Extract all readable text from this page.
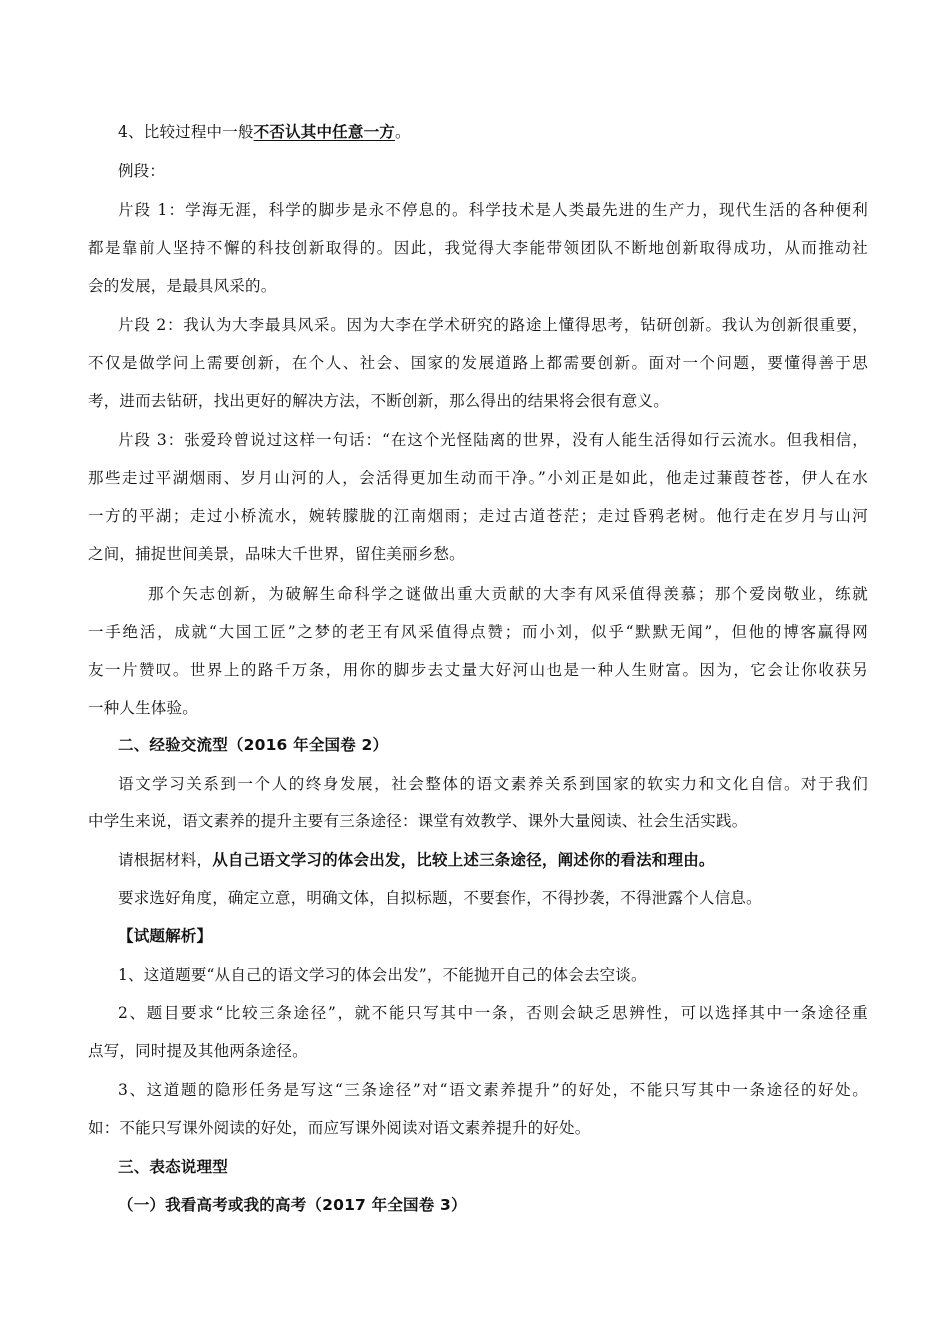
4、比较过程中一般不否认其中任意一方。
例段：
片段 1：学海无涯，科学的脚步是永不停息的。科学技术是人类最先进的生产力，现代生活的各种便利
都是靠前人坚持不懈的科技创新取得的。因此，我觉得大李能带领团队不断地创新取得成功，从而推动社
会的发展，是最具风采的。
片段 2：我认为大李最具风采。因为大李在学术研究的路途上懂得思考，钻研创新。我认为创新很重要，
不仅是做学问上需要创新，在个人、社会、国家的发展道路上都需要创新。面对一个问题，要懂得善于思
考，进而去钻研，找出更好的解决方法，不断创新，那么得出的结果将会很有意义。
片段 3：张爱玲曾说过这样一句话：“在这个光怪陆离的世界，没有人能生活得如行云流水。但我相信，
那些走过平湖烟雨、岁月山河的人，会活得更加生动而干净。”小刘正是如此，他走过蒹葭苍苍，伊人在水
一方的平湖；走过小桥流水，婉转朦胧的江南烟雨；走过古道苍茫；走过昏鸦老树。他行走在岁月与山河
之间，捕捉世间美景，品味大千世界，留住美丽乡愁。
那个矢志创新，为破解生命科学之谜做出重大贡献的大李有风采值得羡慕；那个爱岗敬业，练就
一手绝活，成就“大国工匠”之梦的老王有风采值得点赞；而小刘，似乎“默默无闻”，但他的博客赢得网
友一片赞叹。世界上的路千万条，用你的脚步去丈量大好河山也是一种人生财富。因为，它会让你收获另
一种人生体验。
二、经验交流型（2016 年全国卷 2）
语文学习关系到一个人的终身发展，社会整体的语文素养关系到国家的软实力和文化自信。对于我们
中学生来说，语文素养的提升主要有三条途径：课堂有效教学、课外大量阅读、社会生活实践。
请根据材料，从自己语文学习的体会出发，比较上述三条途径，阐述你的看法和理由。
要求选好角度，确定立意，明确文体，自拟标题，不要套作，不得抄袭，不得泄露个人信息。
【试题解析】
1、这道题要“从自己的语文学习的体会出发”，不能抛开自己的体会去空谈。
2、题目要求“比较三条途径”，就不能只写其中一条，否则会缺乏思辨性，可以选择其中一条途径重
点写，同时提及其他两条途径。
3、这道题的隐形任务是写这“三条途径”对“语文素养提升”的好处，不能只写其中一条途径的好处。
如：不能只写课外阅读的好处，而应写课外阅读对语文素养提升的好处。
三、表态说理型
（一）我看高考或我的高考（2017 年全国卷 3）
